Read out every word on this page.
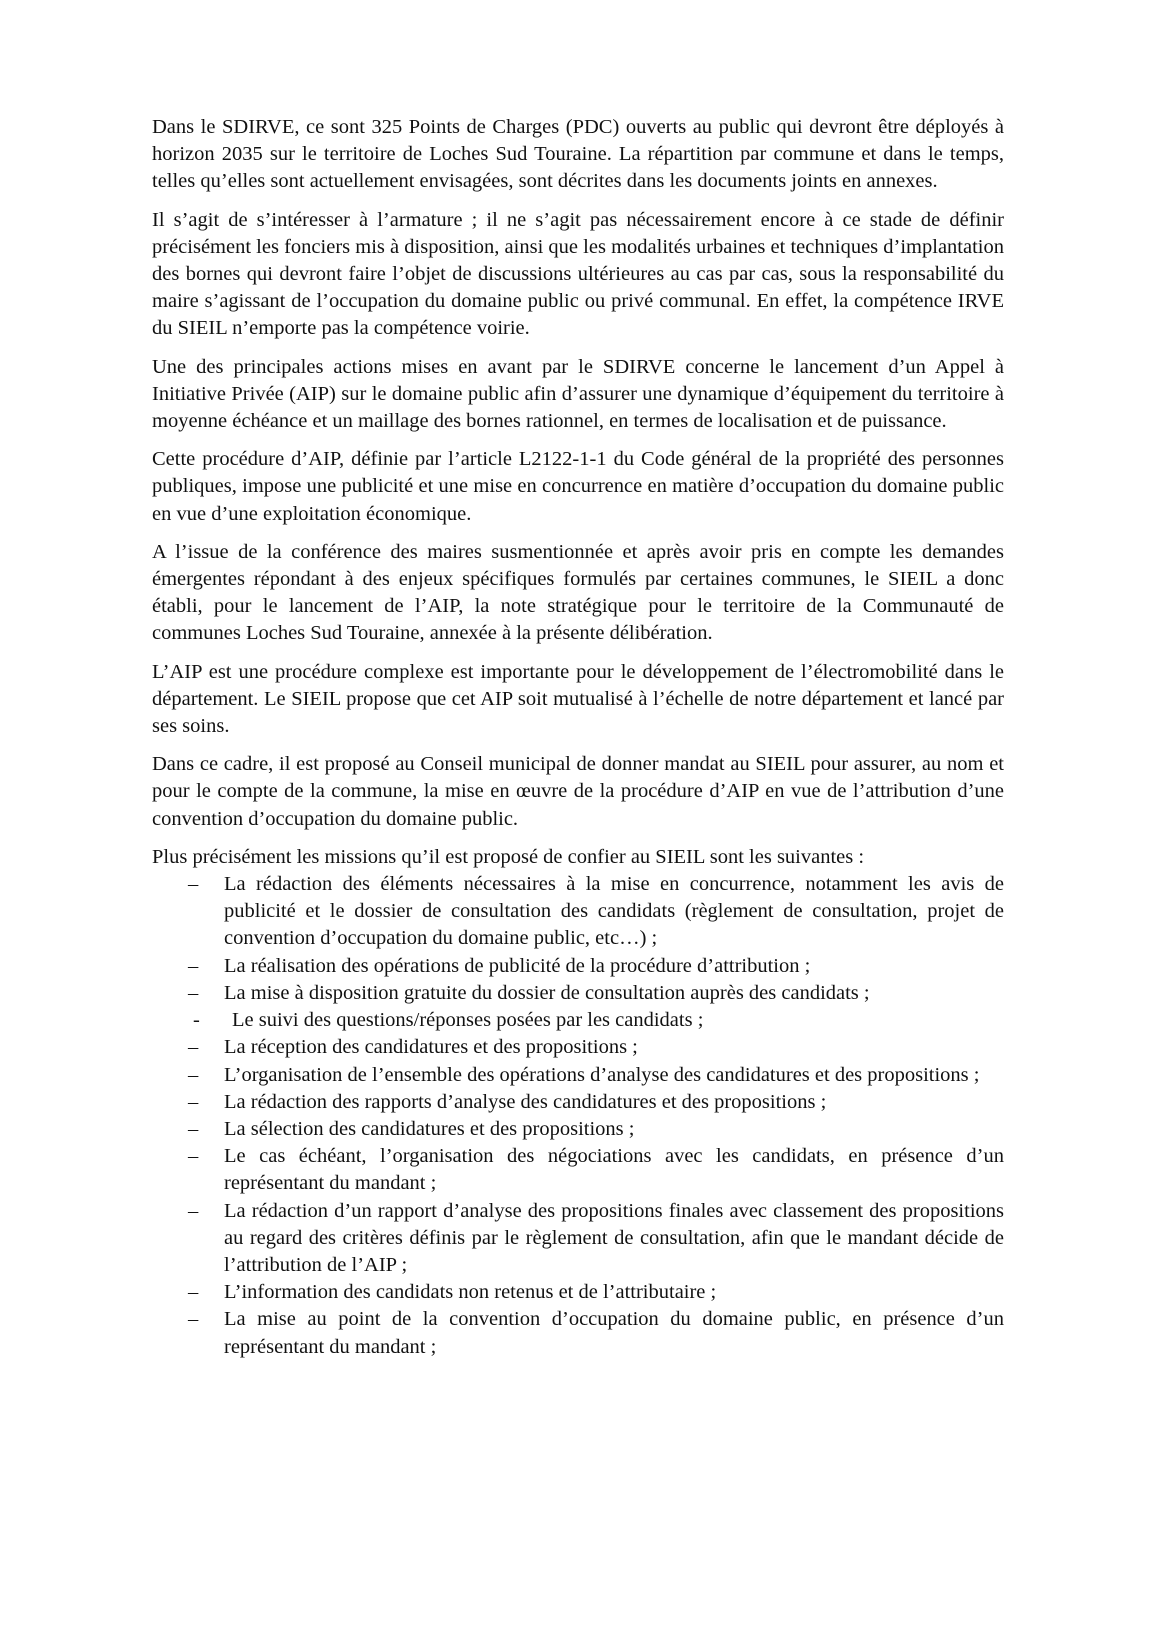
Dans le SDIRVE, ce sont 325 Points de Charges (PDC) ouverts au public qui devront être déployés à horizon 2035 sur le territoire de Loches Sud Touraine. La répartition par commune et dans le temps, telles qu’elles sont actuellement envisagées, sont décrites dans les documents joints en annexes.

Il s’agit de s’intéresser à l’armature ; il ne s’agit pas nécessairement encore à ce stade de définir précisément les fonciers mis à disposition, ainsi que les modalités urbaines et techniques d’implantation des bornes qui devront faire l’objet de discussions ultérieures au cas par cas, sous la responsabilité du maire s’agissant de l’occupation du domaine public ou privé communal. En effet, la compétence IRVE du SIEIL n’emporte pas la compétence voirie.

Une des principales actions mises en avant par le SDIRVE concerne le lancement d’un Appel à Initiative Privée (AIP) sur le domaine public afin d’assurer une dynamique d’équipement du territoire à moyenne échéance et un maillage des bornes rationnel, en termes de localisation et de puissance.

Cette procédure d’AIP, définie par l’article L2122-1-1 du Code général de la propriété des personnes publiques, impose une publicité et une mise en concurrence en matière d’occupation du domaine public en vue d’une exploitation économique.

A l’issue de la conférence des maires susmentionnée et après avoir pris en compte les demandes émergentes répondant à des enjeux spécifiques formulés par certaines communes, le SIEIL a donc établi, pour le lancement de l’AIP, la note stratégique pour le territoire de la Communauté de communes Loches Sud Touraine, annexée à la présente délibération.

L’AIP est une procédure complexe est importante pour le développement de l’électromobilité dans le département. Le SIEIL propose que cet AIP soit mutualisé à l’échelle de notre département et lancé par ses soins.

Dans ce cadre, il est proposé au Conseil municipal de donner mandat au SIEIL pour assurer, au nom et pour le compte de la commune, la mise en œuvre de la procédure d’AIP en vue de l’attribution d’une convention d’occupation du domaine public.

Plus précisément les missions qu’il est proposé de confier au SIEIL sont les suivantes :
– La rédaction des éléments nécessaires à la mise en concurrence, notamment les avis de publicité et le dossier de consultation des candidats (règlement de consultation, projet de convention d’occupation du domaine public, etc…) ;
– La réalisation des opérations de publicité de la procédure d’attribution ;
– La mise à disposition gratuite du dossier de consultation auprès des candidats ;
- Le suivi des questions/réponses posées par les candidats ;
– La réception des candidatures et des propositions ;
– L’organisation de l’ensemble des opérations d’analyse des candidatures et des propositions ;
– La rédaction des rapports d’analyse des candidatures et des propositions ;
– La sélection des candidatures et des propositions ;
– Le cas échéant, l’organisation des négociations avec les candidats, en présence d’un représentant du mandant ;
– La rédaction d’un rapport d’analyse des propositions finales avec classement des propositions au regard des critères définis par le règlement de consultation, afin que le mandant décide de l’attribution de l’AIP ;
– L’information des candidats non retenus et de l’attributaire ;
– La mise au point de la convention d’occupation du domaine public, en présence d’un représentant du mandant ;
